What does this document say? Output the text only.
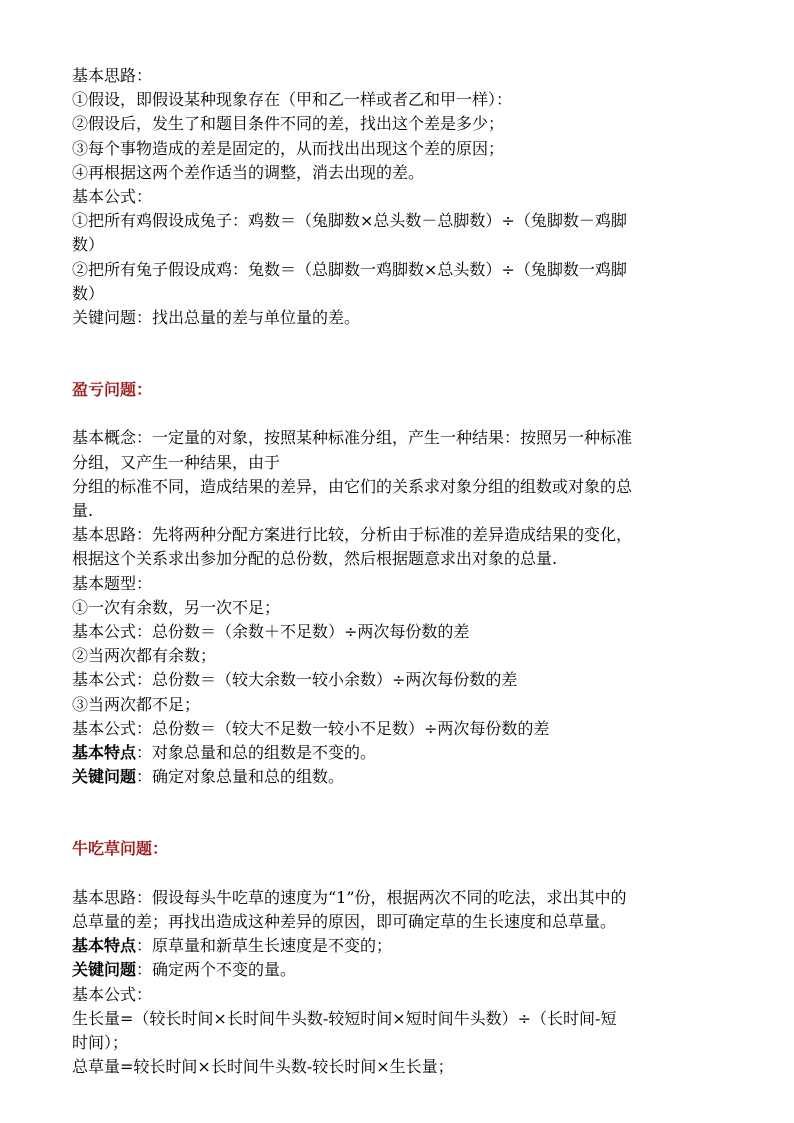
基本思路：
①假设，即假设某种现象存在（甲和乙一样或者乙和甲一样）：
②假设后，发生了和题目条件不同的差，找出这个差是多少；
③每个事物造成的差是固定的，从而找出出现这个差的原因；
④再根据这两个差作适当的调整，消去出现的差。
基本公式：
①把所有鸡假设成兔子：鸡数＝（兔脚数×总头数－总脚数）÷（兔脚数－鸡脚
数）
②把所有兔子假设成鸡：兔数＝（总脚数一鸡脚数×总头数）÷（兔脚数一鸡脚
数）
关键问题：找出总量的差与单位量的差。
盈亏问题：
基本概念：一定量的对象，按照某种标准分组，产生一种结果：按照另一种标准
分组，又产生一种结果，由于
分组的标准不同，造成结果的差异，由它们的关系求对象分组的组数或对象的总
量.
基本思路：先将两种分配方案进行比较，分析由于标准的差异造成结果的变化，
根据这个关系求出参加分配的总份数，然后根据题意求出对象的总量.
基本题型：
①一次有余数，另一次不足；
基本公式：总份数＝（余数＋不足数）÷两次每份数的差
②当两次都有余数；
基本公式：总份数＝（较大余数一较小余数）÷两次每份数的差
③当两次都不足；
基本公式：总份数＝（较大不足数一较小不足数）÷两次每份数的差
基本特点：对象总量和总的组数是不变的。
关键问题：确定对象总量和总的组数。
牛吃草问题：
基本思路：假设每头牛吃草的速度为“1”份，根据两次不同的吃法，求出其中的
总草量的差；再找出造成这种差异的原因，即可确定草的生长速度和总草量。
基本特点：原草量和新草生长速度是不变的；
关键问题：确定两个不变的量。
基本公式：
生长量=（较长时间×长时间牛头数-较短时间×短时间牛头数）÷（长时间-短
时间）；
总草量=较长时间×长时间牛头数-较长时间×生长量；
